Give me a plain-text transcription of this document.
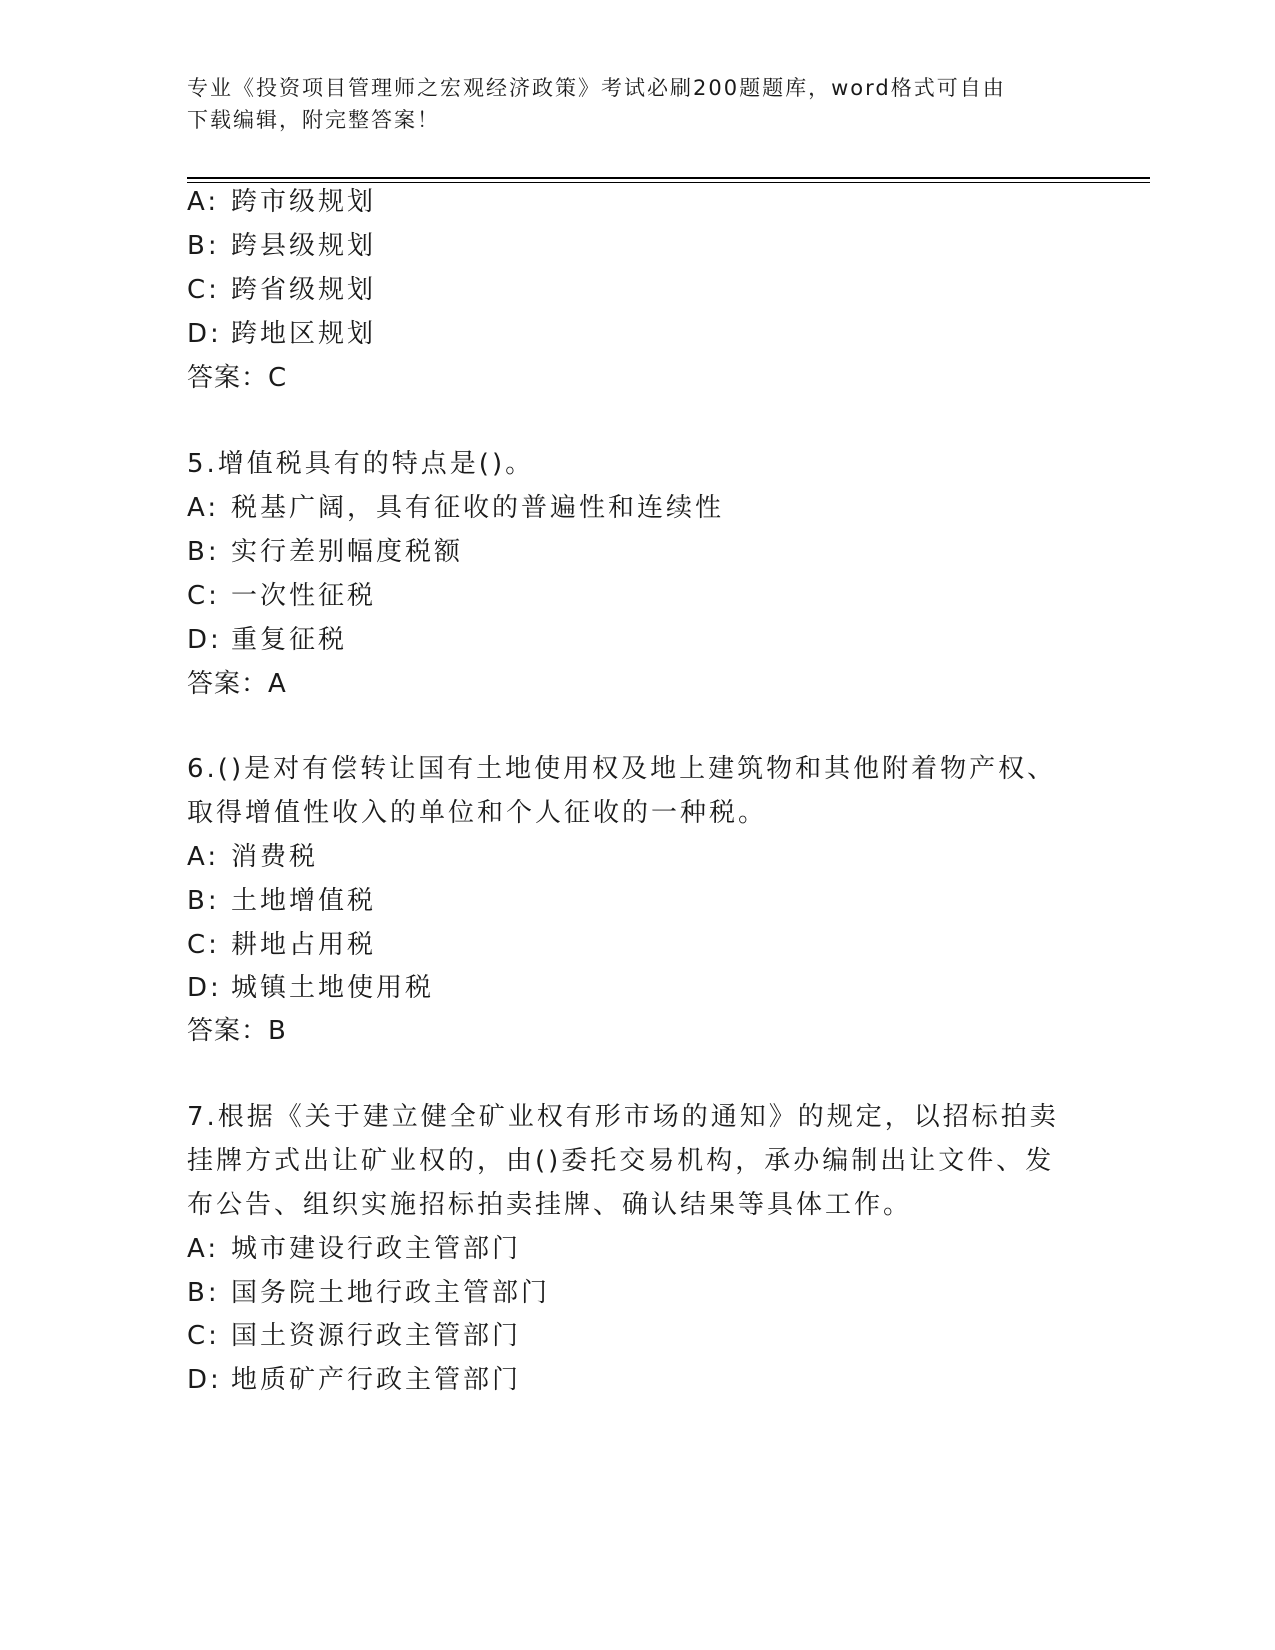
专业《投资项目管理师之宏观经济政策》考试必刷200题题库，word格式可自由
下载编辑，附完整答案！
A: 跨市级规划
B: 跨县级规划
C: 跨省级规划
D: 跨地区规划
答案：C
5.增值税具有的特点是()。
A: 税基广阔，具有征收的普遍性和连续性
B: 实行差别幅度税额
C: 一次性征税
D: 重复征税
答案：A
6.()是对有偿转让国有土地使用权及地上建筑物和其他附着物产权、
取得增值性收入的单位和个人征收的一种税。
A: 消费税
B: 土地增值税
C: 耕地占用税
D: 城镇土地使用税
答案：B
7.根据《关于建立健全矿业权有形市场的通知》的规定，以招标拍卖
挂牌方式出让矿业权的，由()委托交易机构，承办编制出让文件、发
布公告、组织实施招标拍卖挂牌、确认结果等具体工作。
A: 城市建设行政主管部门
B: 国务院土地行政主管部门
C: 国土资源行政主管部门
D: 地质矿产行政主管部门
